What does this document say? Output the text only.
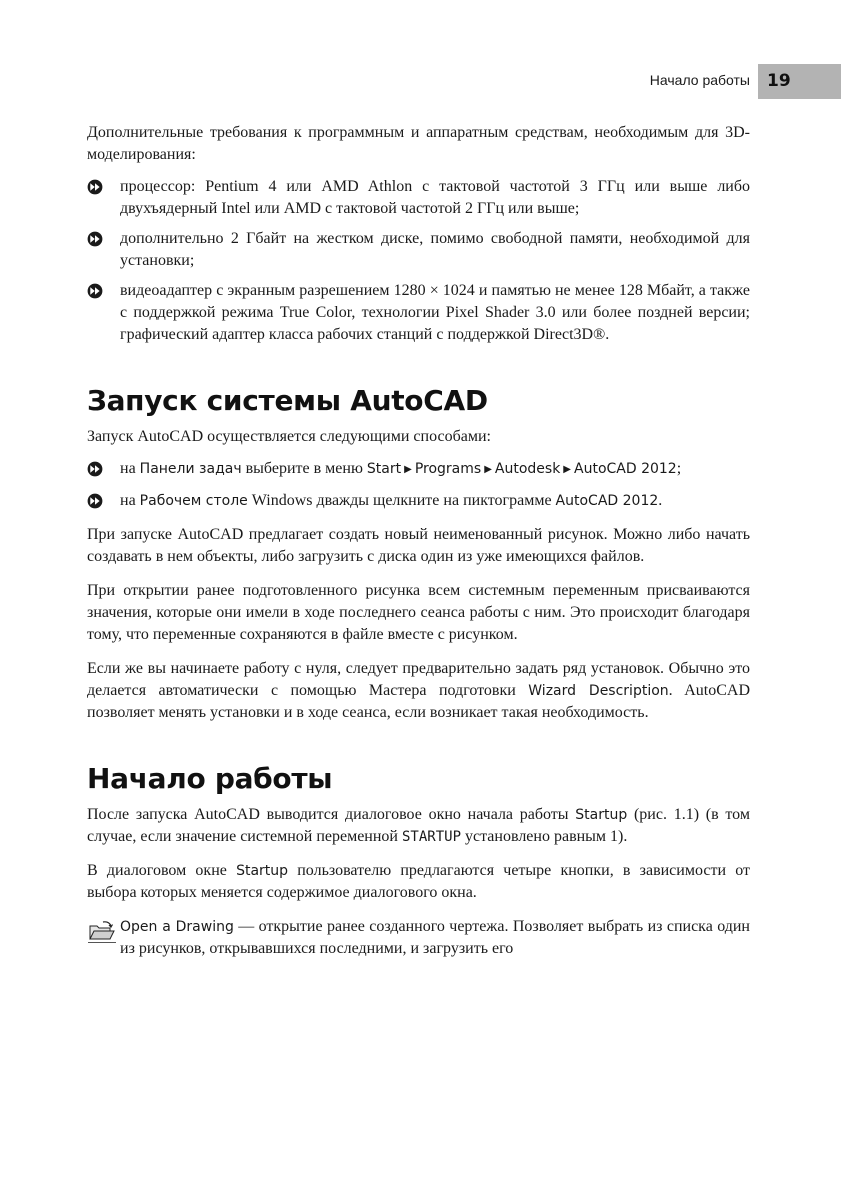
Начало работы	19

Дополнительные требования к программным и аппаратным средствам, необходимым для 3D-моделирования:

процессор: Pentium 4 или AMD Athlon с тактовой частотой 3 ГГц или выше либо двухъядерный Intel или AMD с тактовой частотой 2 ГГц или выше;
дополнительно 2 Гбайт на жестком диске, помимо свободной памяти, необходимой для установки;
видеоадаптер с экранным разрешением 1280 × 1024 и памятью не менее 128 Мбайт, а также с поддержкой режима True Color, технологии Pixel Shader 3.0 или более поздней версии; графический адаптер класса рабочих станций с поддержкой Direct3D®.
Запуск системы AutoCAD

Запуск AutoCAD осуществляется следующими способами:

на Панели задач выберите в меню Start ▶ Programs ▶ Autodesk ▶ AutoCAD 2012;
на Рабочем столе Windows дважды щелкните на пиктограмме AutoCAD 2012.

При запуске AutoCAD предлагает создать новый неименованный рисунок. Можно либо начать создавать в нем объекты, либо загрузить с диска один из уже имеющихся файлов.

При открытии ранее подготовленного рисунка всем системным переменным присваиваются значения, которые они имели в ходе последнего сеанса работы с ним. Это происходит благодаря тому, что переменные сохраняются в файле вместе с рисунком.

Если же вы начинаете работу с нуля, следует предварительно задать ряд установок. Обычно это делается автоматически с помощью Мастера подготовки Wizard Description. AutoCAD позволяет менять установки и в ходе сеанса, если возникает такая необходимость.

Начало работы

После запуска AutoCAD выводится диалоговое окно начала работы Startup (рис. 1.1) (в том случае, если значение системной переменной STARTUP установлено равным 1).

В диалоговом окне Startup пользователю предлагаются четыре кнопки, в зависимости от выбора которых меняется содержимое диалогового окна.

Open a Drawing — открытие ранее созданного чертежа. Позволяет выбрать из списка один из рисунков, открывавшихся последними, и загрузить его
